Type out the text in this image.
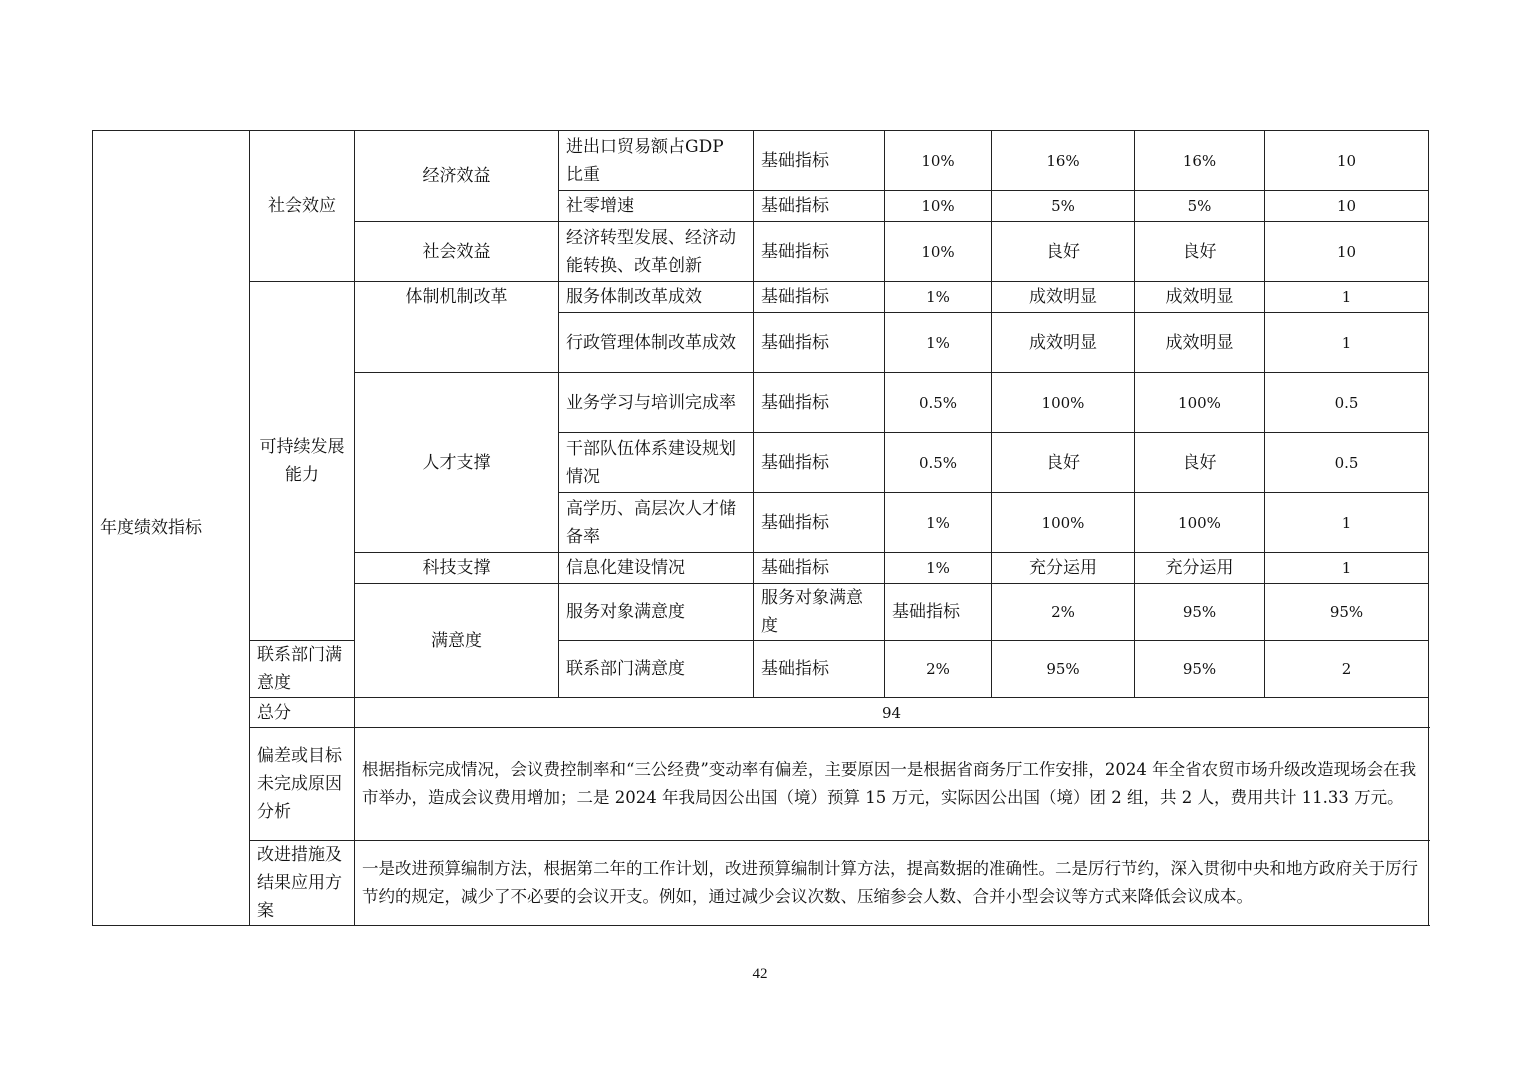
年度绩效指标	社会效应	经济效益	进出口贸易额占GDP 比重	基础指标	10%	16%	16%	10	
			社零增速	基础指标	10%	5%	5%	10	
		社会效益	经济转型发展、经济动能转换、改革创新	基础指标	10%	良好	良好	10	
	可持续发展能力	体制机制改革	服务体制改革成效	基础指标	1%	成效明显	成效明显	1	
			行政管理体制改革成效	基础指标	1%	成效明显	成效明显	1	
		人才支撑	业务学习与培训完成率	基础指标	0.5%	100%	100%	0.5	
			干部队伍体系建设规划情况	基础指标	0.5%	良好	良好	0.5	
			高学历、高层次人才储备率	基础指标	1%	100%	100%	1	
		科技支撑	信息化建设情况	基础指标	1%	充分运用	充分运用	1	
		满意度	服务对象满意度	服务对象满意度	基础指标	2%	95%	95%	
	联系部门满意度		联系部门满意度	基础指标	2%	95%	95%	2	
	总分	94							
	偏差或目标未完成原因分析	根据指标完成情况，会议费控制率和“三公经费”变动率有偏差，主要原因一是根据省商务厅工作安排，2024 年全省农贸市场升级改造现场会在我市举办，造成会议费用增加；二是 2024 年我局因公出国（境）预算 15 万元，实际因公出国（境）团 2 组，共 2 人，费用共计 11.33 万元。							
	改进措施及结果应用方案	一是改进预算编制方法，根据第二年的工作计划，改进预算编制计算方法，提高数据的准确性。二是厉行节约，深入贯彻中央和地方政府关于厉行节约的规定，减少了不必要的会议开支。例如，通过减少会议次数、压缩参会人数、合并小型会议等方式来降低会议成本。							
42
